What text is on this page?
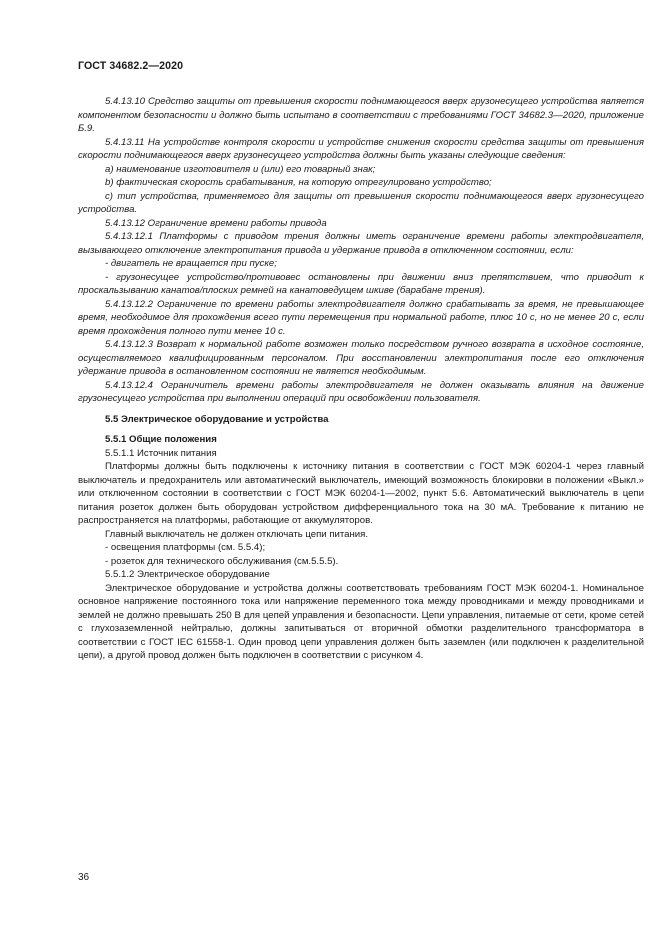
ГОСТ 34682.2—2020

5.4.13.10 Средство защиты от превышения скорости поднимающегося вверх грузонесущего устройства является компонентом безопасности и должно быть испытано в соответствии с требованиями ГОСТ 34682.3—2020, приложение Б.9.

5.4.13.11 На устройстве контроля скорости и устройстве снижения скорости средства защиты от превышения скорости поднимающегося вверх грузонесущего устройства должны быть указаны следующие сведения:

а) наименование изготовителя и (или) его товарный знак;

b) фактическая скорость срабатывания, на которую отрегулировано устройство;

c) тип устройства, применяемого для защиты от превышения скорости поднимающегося вверх грузонесущего устройства.

5.4.13.12 Ограничение времени работы привода

5.4.13.12.1 Платформы с приводом трения должны иметь ограничение времени работы электродвигателя, вызывающего отключение электропитания привода и удержание привода в отключенном состоянии, если:

- двигатель не вращается при пуске;

- грузонесущее устройство/противовес остановлены при движении вниз препятствием, что приводит к проскальзыванию канатов/плоских ремней на канатоведущем шкиве (барабане трения).

5.4.13.12.2 Ограничение по времени работы электродвигателя должно срабатывать за время, не превышающее время, необходимое для прохождения всего пути перемещения при нормальной работе, плюс 10 с, но не менее 20 с, если время прохождения полного пути менее 10 с.

5.4.13.12.3 Возврат к нормальной работе возможен только посредством ручного возврата в исходное состояние, осуществляемого квалифицированным персоналом. При восстановлении электропитания после его отключения удержание привода в остановленном состоянии не является необходимым.

5.4.13.12.4 Ограничитель времени работы электродвигателя не должен оказывать влияния на движение грузонесущего устройства при выполнении операций при освобождении пользователя.

5.5 Электрическое оборудование и устройства

5.5.1 Общие положения

5.5.1.1 Источник питания

Платформы должны быть подключены к источнику питания в соответствии с ГОСТ МЭК 60204-1 через главный выключатель и предохранитель или автоматический выключатель, имеющий возможность блокировки в положении «Выкл.» или отключенном состоянии в соответствии с ГОСТ МЭК 60204-1—2002, пункт 5.6. Автоматический выключатель в цепи питания розеток должен быть оборудован устройством дифференциального тока на 30 мА. Требование к питанию не распространяется на платформы, работающие от аккумуляторов.

Главный выключатель не должен отключать цепи питания.

- освещения платформы (см. 5.5.4);

- розеток для технического обслуживания (см.5.5.5).

5.5.1.2 Электрическое оборудование

Электрическое оборудование и устройства должны соответствовать требованиям ГОСТ МЭК 60204-1. Номинальное основное напряжение постоянного тока или напряжение переменного тока между проводниками и между проводниками и землей не должно превышать 250 В для цепей управления и безопасности. Цепи управления, питаемые от сети, кроме сетей с глухозаземленной нейтралью, должны запитываться от вторичной обмотки разделительного трансформатора в соответствии с ГОСТ IEC 61558-1. Один провод цепи управления должен быть заземлен (или подключен к разделительной цепи), а другой провод должен быть подключен в соответствии с рисунком 4.

36
